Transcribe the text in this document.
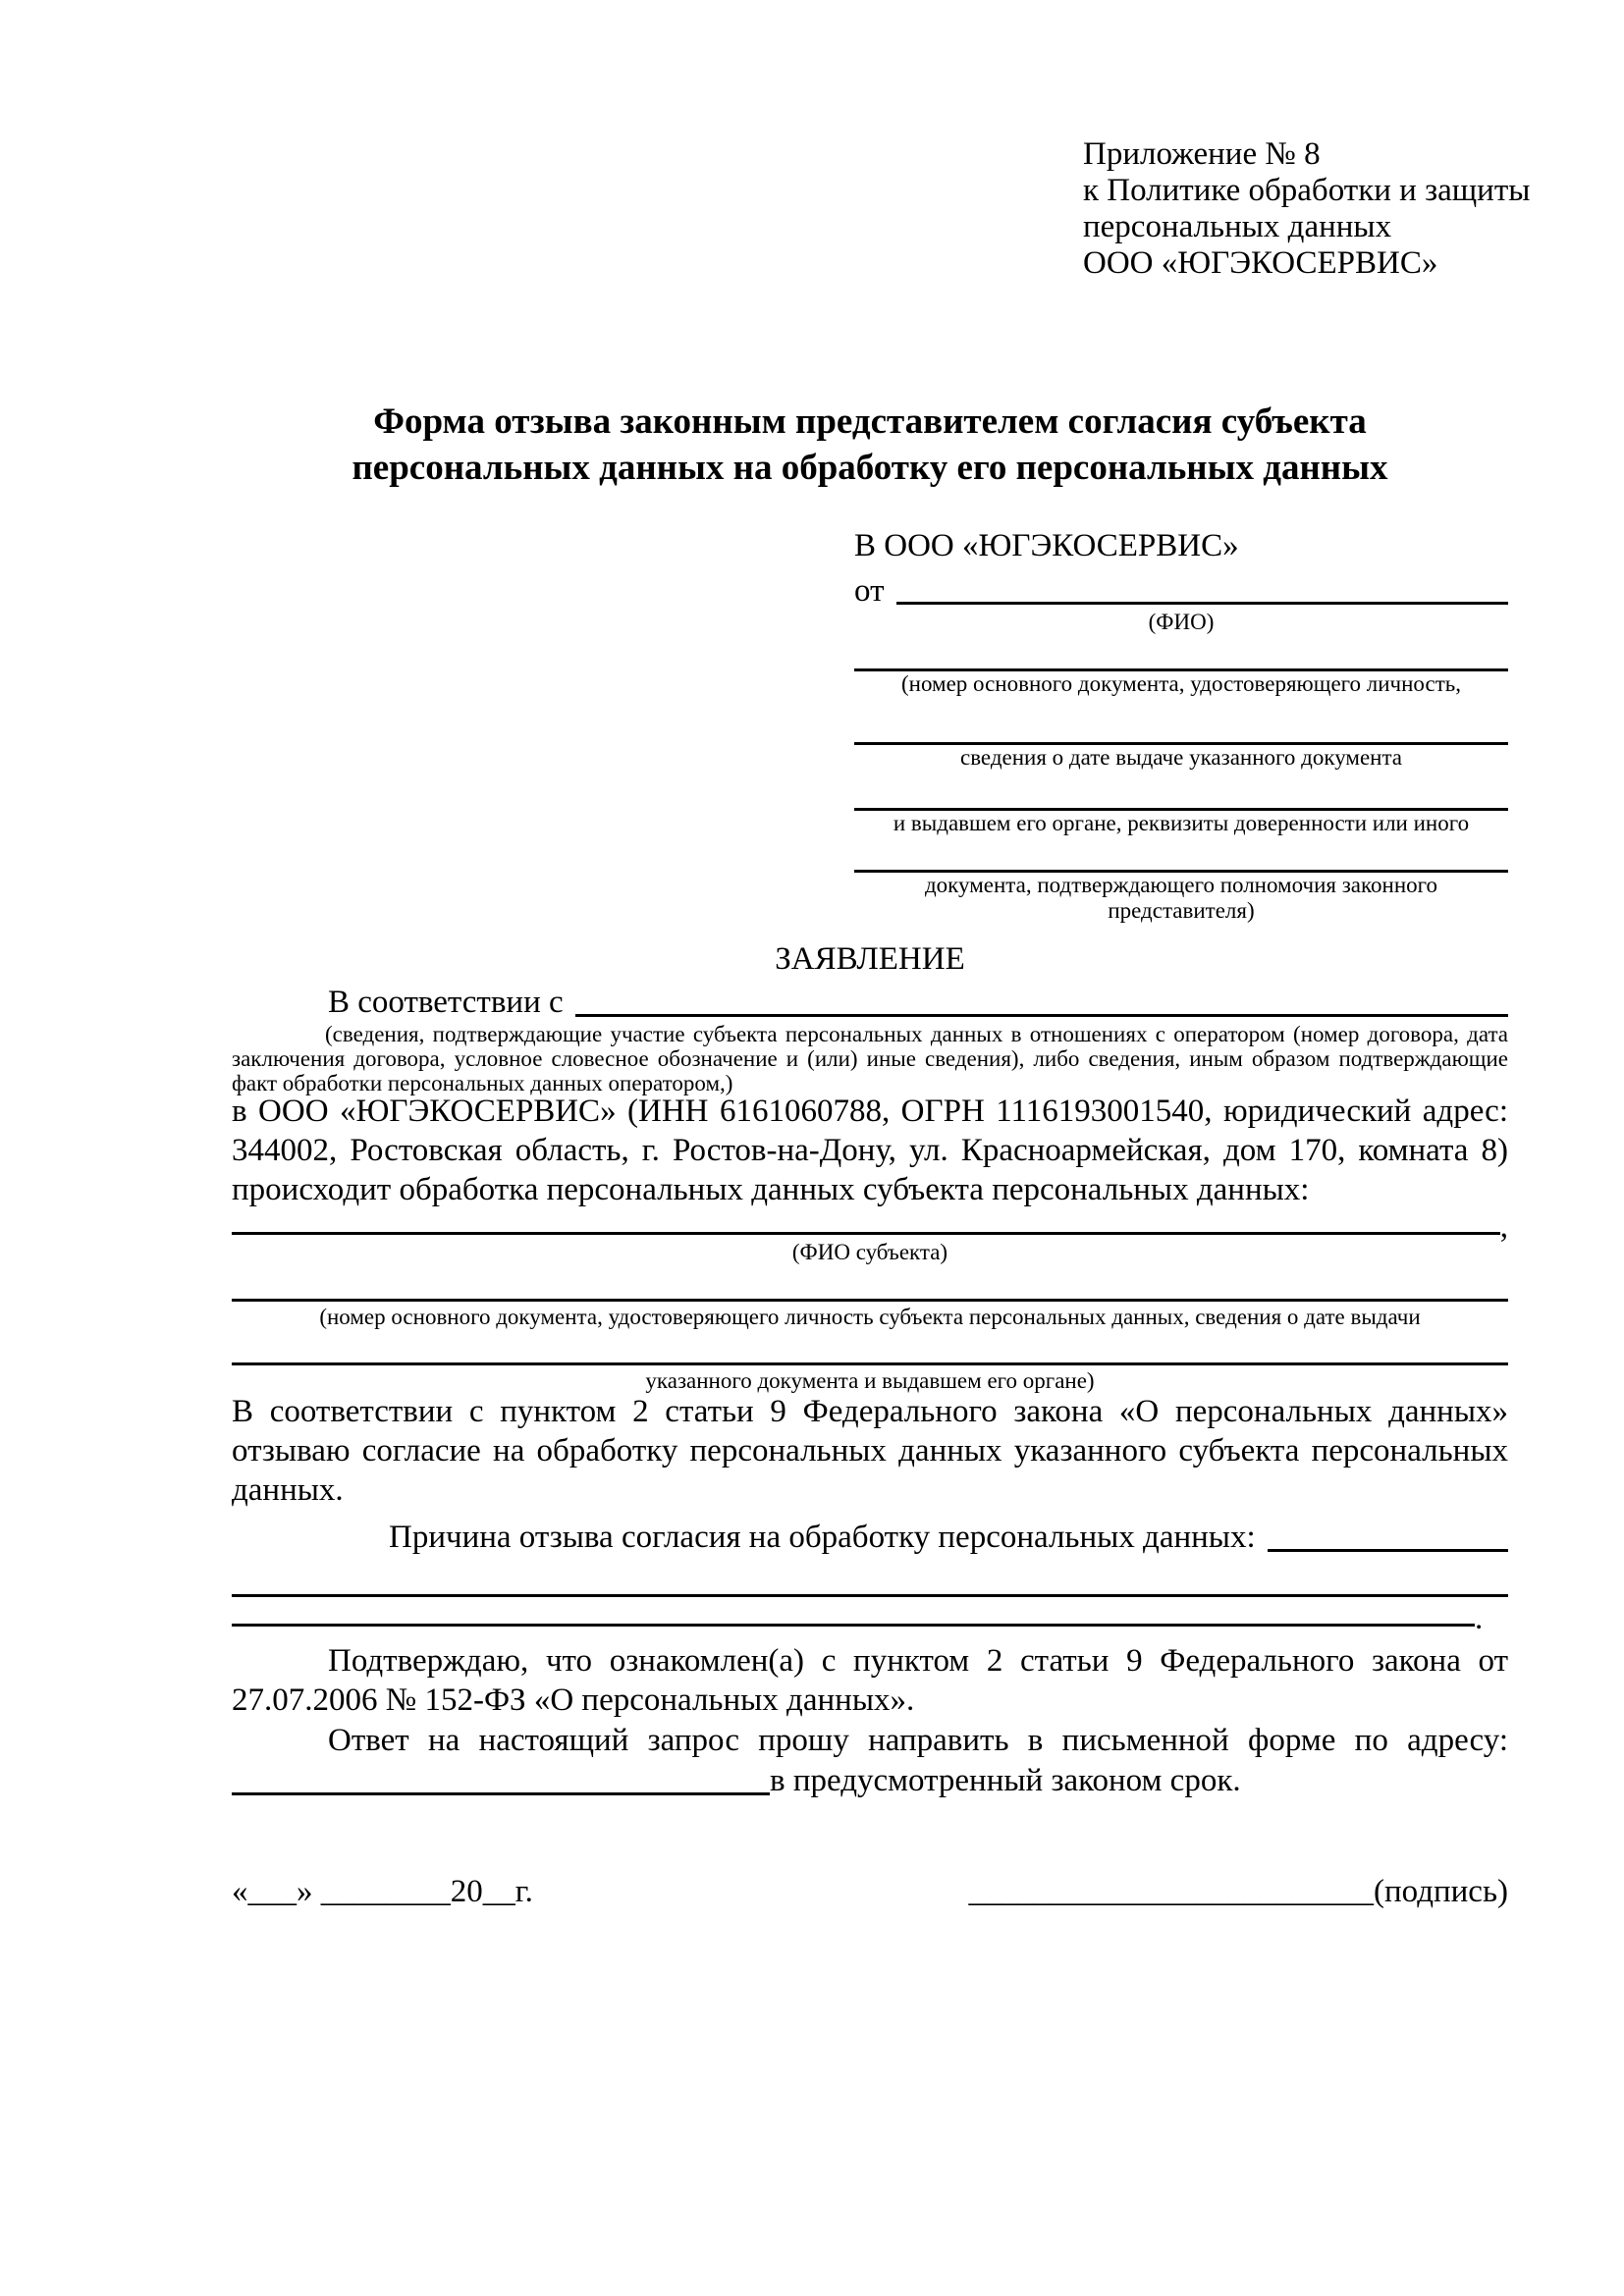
Приложение № 8
к Политике обработки и защиты
персональных данных
ООО «ЮГЭКОСЕРВИС»
Форма отзыва законным представителем согласия субъекта
персональных данных на обработку его персональных данных
В ООО «ЮГЭКОСЕРВИС»
от
(ФИО)
(номер основного документа, удостоверяющего личность,
сведения о дате выдаче указанного документа
и выдавшем его органе, реквизиты доверенности или иного
документа, подтверждающего полномочия законного представителя)
ЗАЯВЛЕНИЕ
В соответствии с
(сведения, подтверждающие участие субъекта персональных данных в отношениях с оператором (номер договора, дата заключения договора, условное словесное обозначение и (или) иные сведения), либо сведения, иным образом подтверждающие факт обработки персональных данных оператором,)
в ООО «ЮГЭКОСЕРВИС» (ИНН 6161060788, ОГРН 1116193001540, юридический адрес: 344002, Ростовская область, г. Ростов-на-Дону, ул. Красноармейская, дом 170, комната 8) происходит обработка персональных данных субъекта персональных данных:
,
(ФИО субъекта)
(номер основного документа, удостоверяющего личность субъекта персональных данных, сведения о дате выдачи
указанного документа и выдавшем его органе)
В соответствии с пунктом 2 статьи 9 Федерального закона «О персональных данных» отзываю согласие на обработку персональных данных указанного субъекта персональных данных.
Причина отзыва согласия на обработку персональных данных:
.
Подтверждаю, что ознакомлен(а) с пунктом 2 статьи 9 Федерального закона от 27.07.2006 № 152-ФЗ «О персональных данных».
Ответ на настоящий запрос прошу направить в письменной форме по адресу:
в предусмотренный законом срок.
«___» ________20__г.	_________________________(подпись)
